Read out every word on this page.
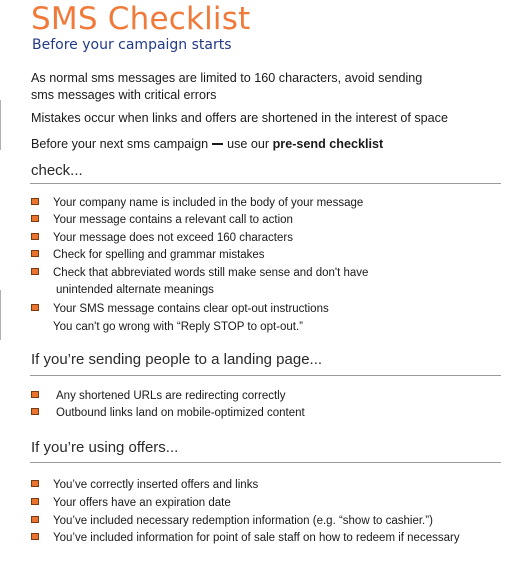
SMS Checklist
Before your campaign starts
As normal sms messages are limited to 160 characters, avoid sending
sms messages with critical errors
Mistakes occur when links and offers are shortened in the interest of space
Before your next sms campaign use our pre-send checklist
check...
Your company name is included in the body of your message
Your message contains a relevant call to action
Your message does not exceed 160 characters
Check for spelling and grammar mistakes
Check that abbreviated words still make sense and don't have
unintended alternate meanings
Your SMS message contains clear opt-out instructions
You can't go wrong with “Reply STOP to opt-out.”
If you’re sending people to a landing page...
Any shortened URLs are redirecting correctly
Outbound links land on mobile-optimized content
If you’re using offers...
You’ve correctly inserted offers and links
Your offers have an expiration date
You’ve included necessary redemption information (e.g. “show to cashier.”)
You’ve included information for point of sale staff on how to redeem if necessary
